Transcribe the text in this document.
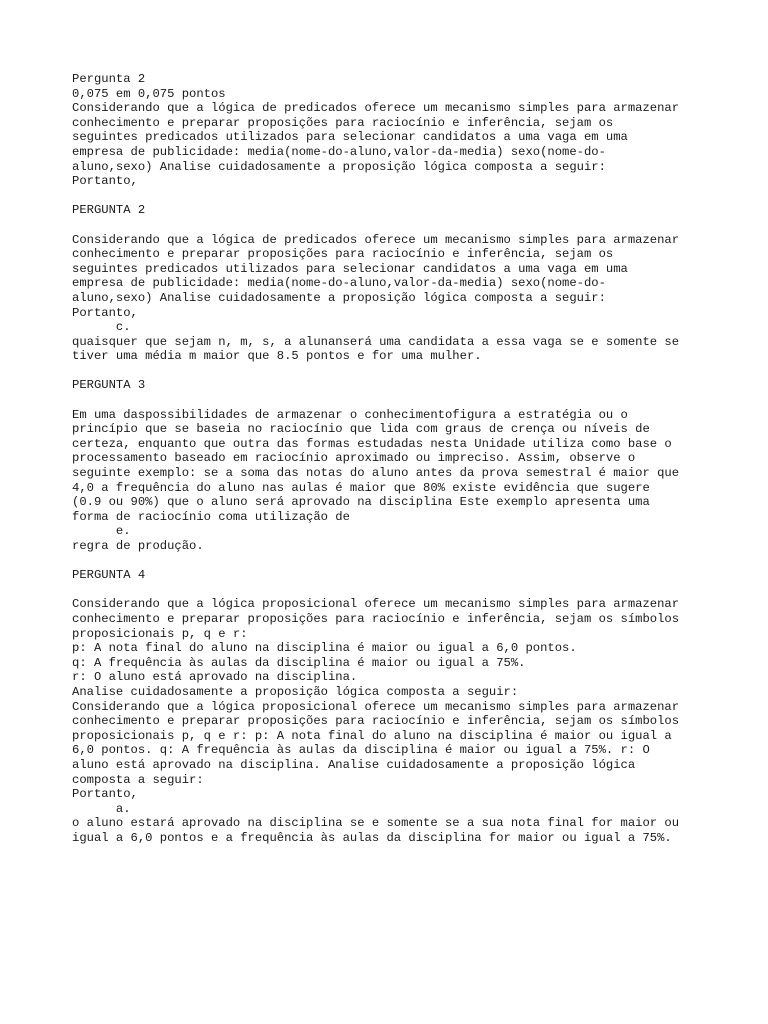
Pergunta 2
0,075 em 0,075 pontos
Considerando que a lógica de predicados oferece um mecanismo simples para armazenar
conhecimento e preparar proposições para raciocínio e inferência, sejam os
seguintes predicados utilizados para selecionar candidatos a uma vaga em uma
empresa de publicidade: media(nome-do-aluno,valor-da-media) sexo(nome-do-
aluno,sexo) Analise cuidadosamente a proposição lógica composta a seguir:
Portanto,
PERGUNTA 2
Considerando que a lógica de predicados oferece um mecanismo simples para armazenar
conhecimento e preparar proposições para raciocínio e inferência, sejam os
seguintes predicados utilizados para selecionar candidatos a uma vaga em uma
empresa de publicidade: media(nome-do-aluno,valor-da-media) sexo(nome-do-
aluno,sexo) Analise cuidadosamente a proposição lógica composta a seguir:
Portanto,
c.
quaisquer que sejam n, m, s, a alunanserá uma candidata a essa vaga se e somente se
tiver uma média m maior que 8.5 pontos e for uma mulher.
PERGUNTA 3
Em uma daspossibilidades de armazenar o conhecimentofigura a estratégia ou o
princípio que se baseia no raciocínio que lida com graus de crença ou níveis de
certeza, enquanto que outra das formas estudadas nesta Unidade utiliza como base o
processamento baseado em raciocínio aproximado ou impreciso. Assim, observe o
seguinte exemplo: se a soma das notas do aluno antes da prova semestral é maior que
4,0 a frequência do aluno nas aulas é maior que 80% existe evidência que sugere
(0.9 ou 90%) que o aluno será aprovado na disciplina Este exemplo apresenta uma
forma de raciocínio coma utilização de
e.
regra de produção.
PERGUNTA 4
Considerando que a lógica proposicional oferece um mecanismo simples para armazenar
conhecimento e preparar proposições para raciocínio e inferência, sejam os símbolos
proposicionais p, q e r:
p: A nota final do aluno na disciplina é maior ou igual a 6,0 pontos.
q: A frequência às aulas da disciplina é maior ou igual a 75%.
r: O aluno está aprovado na disciplina.
Analise cuidadosamente a proposição lógica composta a seguir:
Considerando que a lógica proposicional oferece um mecanismo simples para armazenar
conhecimento e preparar proposições para raciocínio e inferência, sejam os símbolos
proposicionais p, q e r: p: A nota final do aluno na disciplina é maior ou igual a
6,0 pontos. q: A frequência às aulas da disciplina é maior ou igual a 75%. r: O
aluno está aprovado na disciplina. Analise cuidadosamente a proposição lógica
composta a seguir:
Portanto,
a.
o aluno estará aprovado na disciplina se e somente se a sua nota final for maior ou
igual a 6,0 pontos e a frequência às aulas da disciplina for maior ou igual a 75%.
